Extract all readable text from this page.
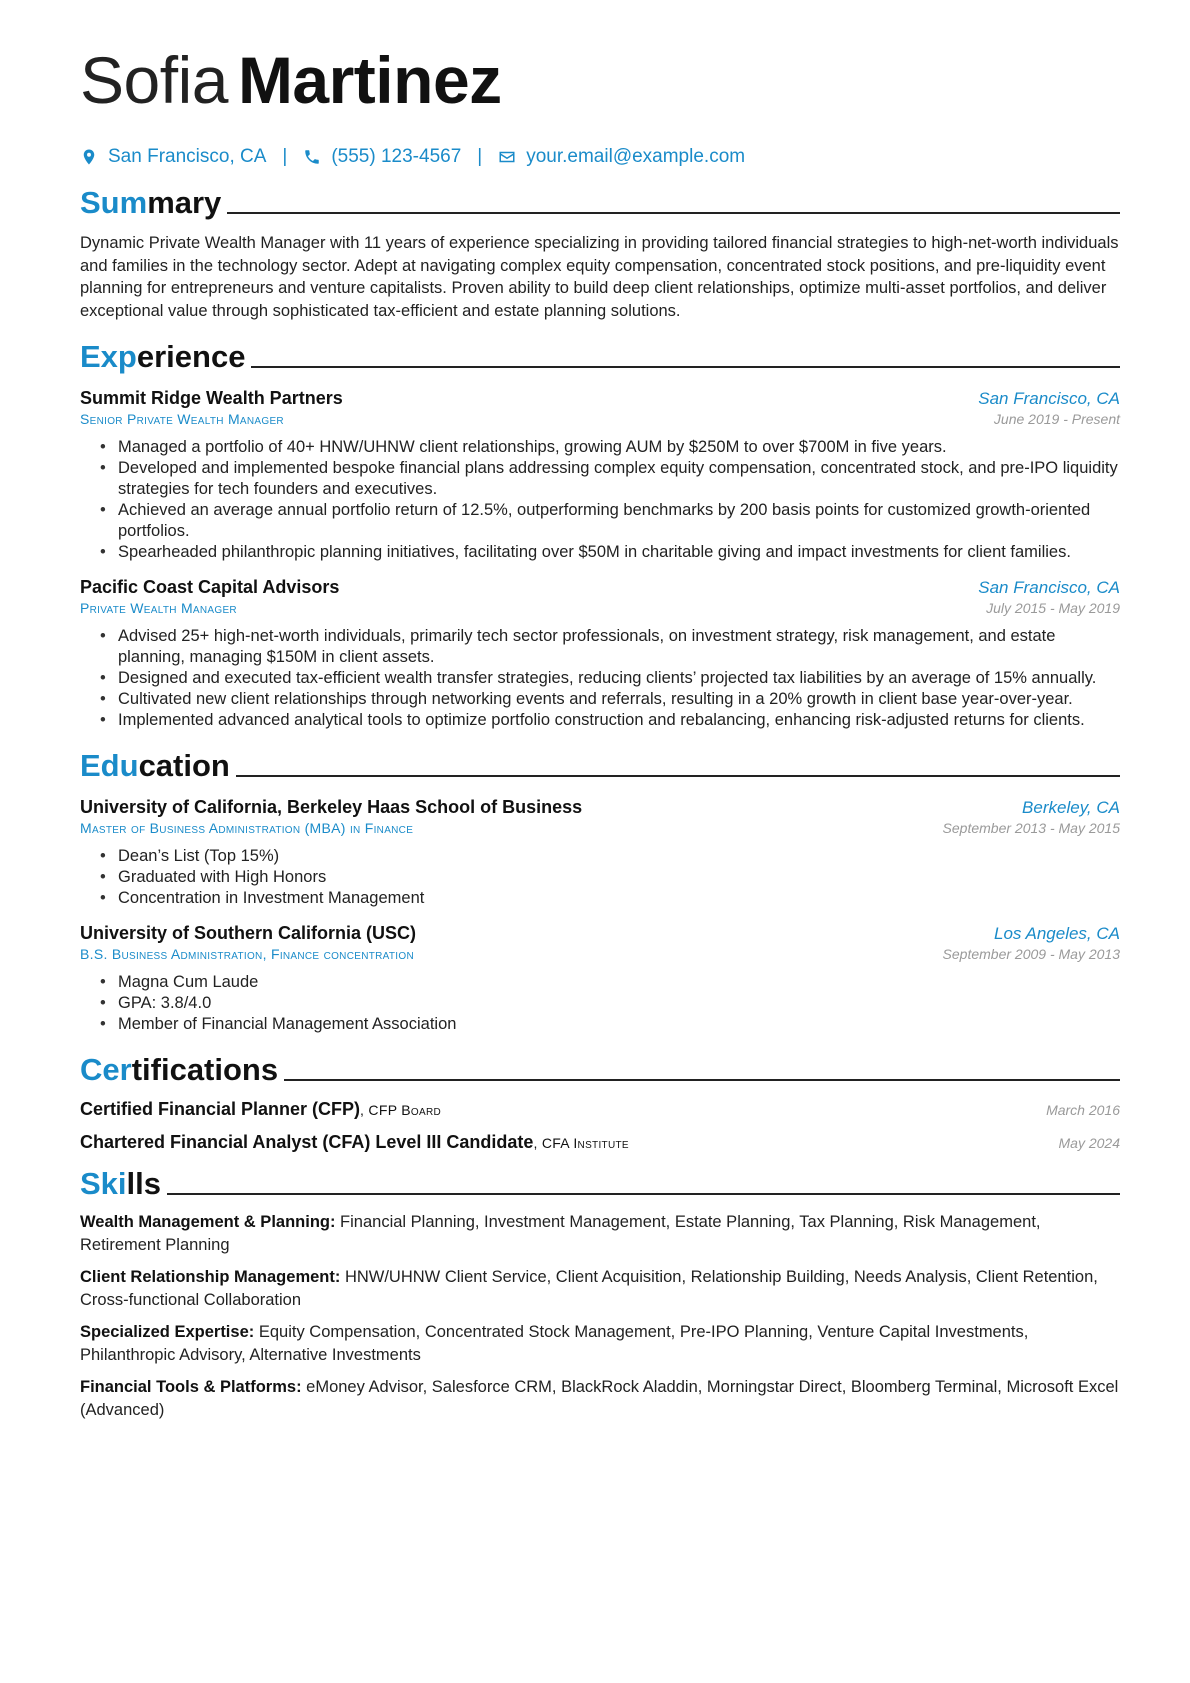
Sofia Martinez
San Francisco, CA | (555) 123-4567 | your.email@example.com
Summary
Dynamic Private Wealth Manager with 11 years of experience specializing in providing tailored financial strategies to high-net-worth individuals and families in the technology sector. Adept at navigating complex equity compensation, concentrated stock positions, and pre-liquidity event planning for entrepreneurs and venture capitalists. Proven ability to build deep client relationships, optimize multi-asset portfolios, and deliver exceptional value through sophisticated tax-efficient and estate planning solutions.
Experience
Summit Ridge Wealth Partners	San Francisco, CA
Senior Private Wealth Manager	June 2019 - Present
• Managed a portfolio of 40+ HNW/UHNW client relationships, growing AUM by $250M to over $700M in five years.
• Developed and implemented bespoke financial plans addressing complex equity compensation, concentrated stock, and pre-IPO liquidity strategies for tech founders and executives.
• Achieved an average annual portfolio return of 12.5%, outperforming benchmarks by 200 basis points for customized growth-oriented portfolios.
• Spearheaded philanthropic planning initiatives, facilitating over $50M in charitable giving and impact investments for client families.
Pacific Coast Capital Advisors	San Francisco, CA
Private Wealth Manager	July 2015 - May 2019
• Advised 25+ high-net-worth individuals, primarily tech sector professionals, on investment strategy, risk management, and estate planning, managing $150M in client assets.
• Designed and executed tax-efficient wealth transfer strategies, reducing clients’ projected tax liabilities by an average of 15% annually.
• Cultivated new client relationships through networking events and referrals, resulting in a 20% growth in client base year-over-year.
• Implemented advanced analytical tools to optimize portfolio construction and rebalancing, enhancing risk-adjusted returns for clients.
Education
University of California, Berkeley Haas School of Business	Berkeley, CA
Master of Business Administration (MBA) in Finance	September 2013 - May 2015
• Dean’s List (Top 15%)
• Graduated with High Honors
• Concentration in Investment Management
University of Southern California (USC)	Los Angeles, CA
B.S. Business Administration, Finance concentration	September 2009 - May 2013
• Magna Cum Laude
• GPA: 3.8/4.0
• Member of Financial Management Association
Certifications
Certified Financial Planner (CFP), CFP Board	March 2016
Chartered Financial Analyst (CFA) Level III Candidate, CFA Institute	May 2024
Skills
Wealth Management & Planning: Financial Planning, Investment Management, Estate Planning, Tax Planning, Risk Management, Retirement Planning
Client Relationship Management: HNW/UHNW Client Service, Client Acquisition, Relationship Building, Needs Analysis, Client Retention, Cross-functional Collaboration
Specialized Expertise: Equity Compensation, Concentrated Stock Management, Pre-IPO Planning, Venture Capital Investments, Philanthropic Advisory, Alternative Investments
Financial Tools & Platforms: eMoney Advisor, Salesforce CRM, BlackRock Aladdin, Morningstar Direct, Bloomberg Terminal, Microsoft Excel (Advanced)
